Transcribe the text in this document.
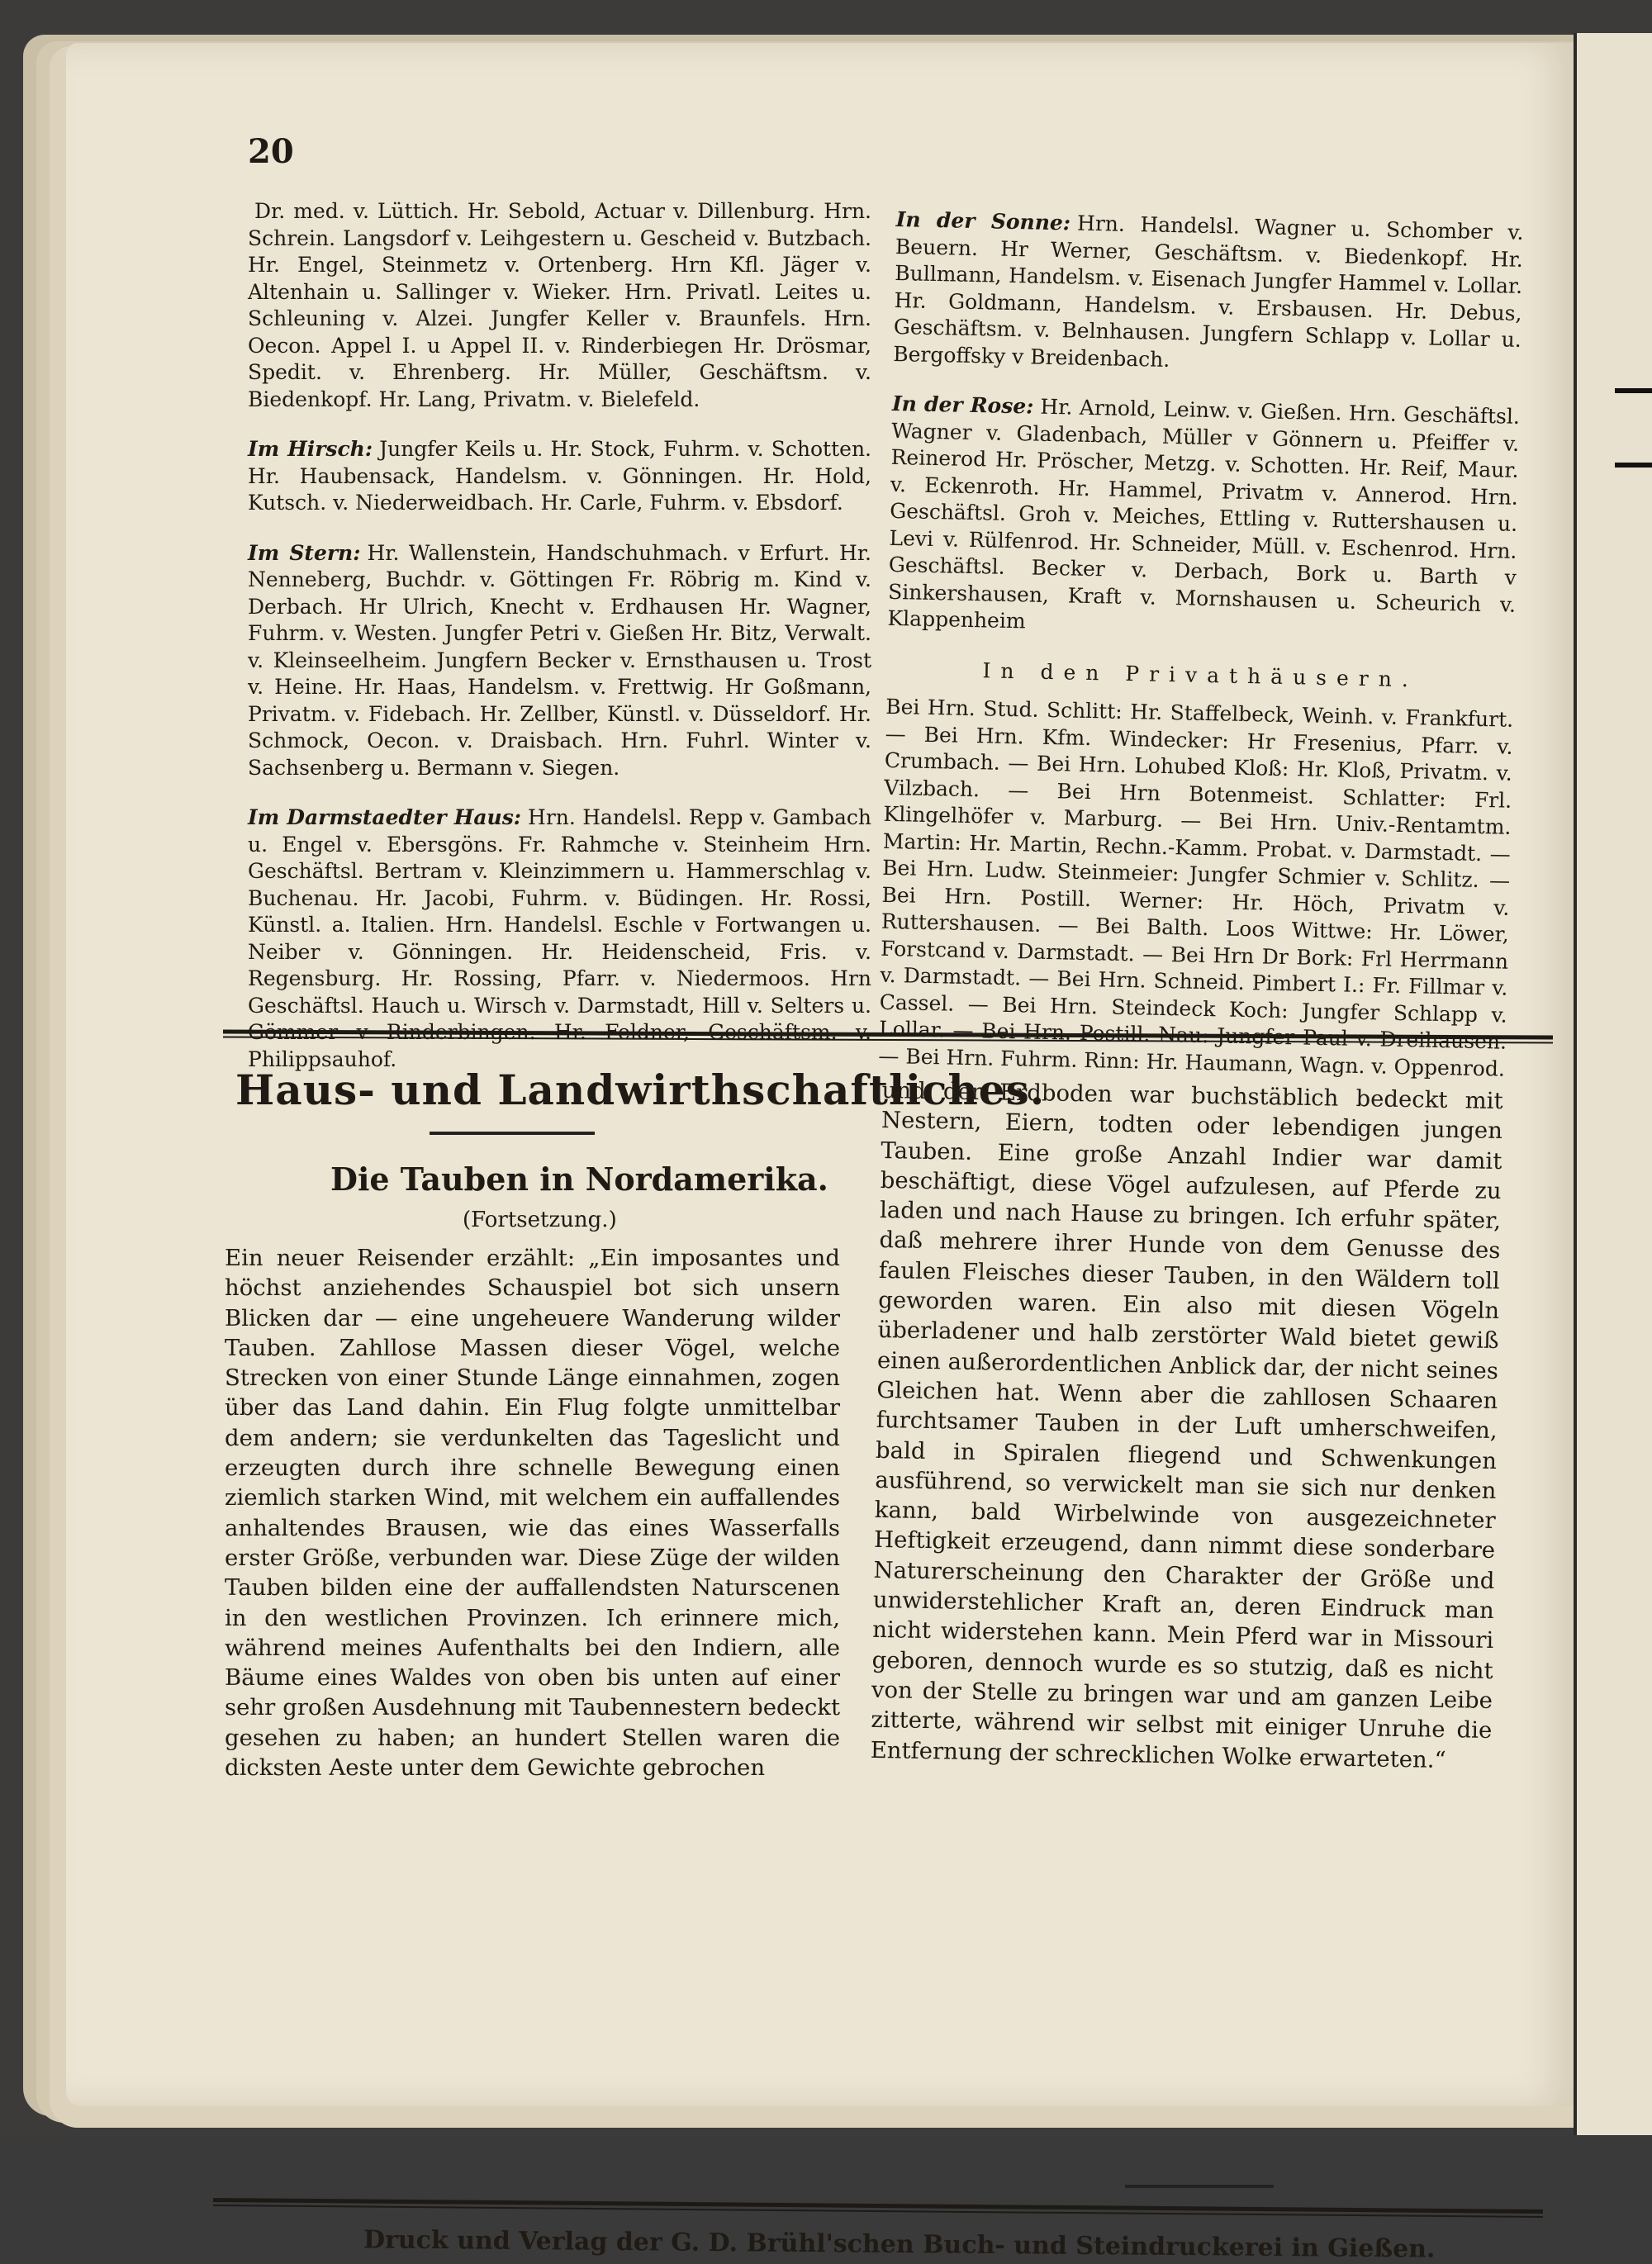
20
Dr. med. v. Lüttich. Hr. Sebold, Actuar v. Dillenburg. Hrn. Schrein. Langsdorf v. Leihgestern u. Gescheid v. Butzbach. Hr. Engel, Steinmetz v. Ortenberg. Hrn Kfl. Jäger v. Altenhain u. Sallinger v. Wieker. Hrn. Privatl. Leites u. Schleuning v. Alzei. Jungfer Keller v. Braunfels. Hrn. Oecon. Appel I. u Appel II. v. Rinderbiegen Hr. Drösmar, Spedit. v. Ehrenberg. Hr. Müller, Geschäftsm. v. Biedenkopf. Hr. Lang, Privatm. v. Bielefeld.
Im Hirsch: Jungfer Keils u. Hr. Stock, Fuhrm. v. Schotten. Hr. Haubensack, Handelsm. v. Gönningen. Hr. Hold, Kutsch. v. Niederweidbach. Hr. Carle, Fuhrm. v. Ebsdorf.
Im Stern: Hr. Wallenstein, Handschuhmach. v Erfurt. Hr. Nenneberg, Buchdr. v. Göttingen Fr. Röbrig m. Kind v. Derbach. Hr Ulrich, Knecht v. Erdhausen Hr. Wagner, Fuhrm. v. Westen. Jungfer Petri v. Gießen Hr. Bitz, Verwalt. v. Kleinseelheim. Jungfern Becker v. Ernsthausen u. Trost v. Heine. Hr. Haas, Handelsm. v. Frettwig. Hr Goßmann, Privatm. v. Fidebach. Hr. Zellber, Künstl. v. Düsseldorf. Hr. Schmock, Oecon. v. Draisbach. Hrn. Fuhrl. Winter v. Sachsenberg u. Bermann v. Siegen.
Im Darmstaedter Haus: Hrn. Handelsl. Repp v. Gambach u. Engel v. Ebersgöns. Fr. Rahmche v. Steinheim Hrn. Geschäftsl. Bertram v. Kleinzimmern u. Hammerschlag v. Buchenau. Hr. Jacobi, Fuhrm. v. Büdingen. Hr. Rossi, Künstl. a. Italien. Hrn. Handelsl. Eschle v Fortwangen u. Neiber v. Gönningen. Hr. Heidenscheid, Fris. v. Regensburg. Hr. Rossing, Pfarr. v. Niedermoos. Hrn Geschäftsl. Hauch u. Wirsch v. Darmstadt, Hill v. Selters u. Rinderbingen. Philippsauhof.
In der Sonne: Hrn. Handelsl. Wagner u. Schomber v. Beuern. Hr Werner, Geschäftsm. v. Biedenkopf. Hr. Bullmann, Handelsm. v. Eisenach Jungfer Hammel v. Lollar. Hr. Goldmann, Handelsm. v. Ersbausen. Hr. Debus, Geschäftsm. v. Belnhausen. Jungfern Schlapp v. Lollar u. Bergoffsky v Breidenbach.
In der Rose: Hr. Arnold, Leinw. v. Gießen. Hrn. Geschäftsl. Wagner v. Gladenbach, Müller v Gönnern u. Pfeiffer v. Reinerod Hr. Pröscher, Metzg. v. Schotten. Hr. Reif, Maur. v. Eckenroth. Hr. Hammel, Privatm v. Annerod. Hrn. Geschäftsl. Groh v. Meiches, Ettling v. Ruttershausen u. Levi v. Rülfenrod. Hr. Schneider, Müll. v. Eschenrod. Hrn. Geschäftsl. Becker v. Derbach, Bork u. Barth v Sinkershausen, Kraft v. Mornshausen u. Scheurich v. Klappenheim
In den Privathäusern.
Bei Hrn. Stud. Schlitt: Hr. Staffelbeck, Weinh. v. Frankfurt. — Bei Hrn. Kfm. Windecker: Hr Fresenius, Pfarr. v. Crumbach. — Bei Hrn. Lohubed Kloß: Hr. Kloß, Privatm. v. Vilzbach. — Bei Hrn Botenmeist. Schlatter: Frl. Klingelhöfer v. Marburg. — Bei Hrn. Univ.-Rentamtm. Martin: Hr. Martin, Rechn.-Kamm. Probat. v. Darmstadt. — Bei Hrn. Ludw. Steinmeier: Jungfer Schmier v. Schlitz. — Bei Hrn. Postill. Werner: Hr. Höch, Privatm v. Ruttershausen. — Bei Balth. Loos Wittwe: Hr. Löwer, Forstcand v. Darmstadt. — Bei Hrn Dr Bork: Frl Herrmann v. Darmstadt. — Bei Hrn. Schneid. Pimbert I.: Fr. Fillmar v. Cassel. — Bei Hrn. Steindeck Koch: Jungfer Schlapp v. Lollar. — Bei Hrn. v. Dreihausen. — Bei Hrn. Fuhrm. Rinn: Hr. Haumann, Wagn. v. Oppenrod.
Haus- und Landwirthschaftliches.
Die Tauben in Nordamerika.
(Fortsetzung.)

Ein neuer Reisender erzählt: „Ein imposantes und höchst anziehendes Schauspiel bot sich unsern Blicken dar — eine ungeheuere Wanderung wilder Tauben. Zahllose Massen dieser Vögel, welche Strecken von einer Stunde Länge einnahmen, zogen über das Land dahin. Ein Flug folgte unmittelbar dem andern; sie verdunkelten das Tageslicht und erzeugten durch ihre schnelle Bewegung einen ziemlich starken Wind, mit welchem ein auffallendes anhaltendes Brausen, wie das eines Wasserfalls erster Größe, verbunden war. Diese Züge der wilden Tauben bilden eine der auffallendsten Naturscenen in den westlichen Provinzen. Ich erinnere mich, während meines Aufenthalts bei den Indiern, alle Bäume eines Waldes von oben bis unten auf einer sehr großen Ausdehnung mit Taubennestern bedeckt gesehen zu haben; an hundert Stellen waren die dicksten Aeste unter dem Gewichte gebrochen

und der Erdboden war buchstäblich bedeckt mit Nestern, Eiern, todten oder lebendigen jungen Tauben. Eine große Anzahl Indier war damit beschäftigt, diese Vögel aufzulesen, auf Pferde zu laden und nach Hause zu bringen. Ich erfuhr später, daß mehrere ihrer Hunde von dem Genusse des faulen Fleisches dieser Tauben, in den Wäldern toll geworden waren. Ein also mit diesen Vögeln überladener und halb zerstörter Wald bietet gewiß einen außerordentlichen Anblick dar, der nicht seines Gleichen hat. Wenn aber die zahllosen Schaaren furchtsamer Tauben in der Luft umherschweifen, bald in Spiralen fliegend und Schwenkungen ausführend, so verwickelt man sie sich nur denken kann, bald Wirbelwinde von ausgezeichneter Heftigkeit erzeugend, dann nimmt diese sonderbare Naturerscheinung den Charakter der Größe und unwiderstehlicher Kraft an, deren Eindruck man nicht widerstehen kann. Mein Pferd war in Missouri geboren, dennoch wurde es so stutzig, daß es nicht von der Stelle zu bringen war und am ganzen Leibe zitterte, während wir selbst mit einiger Unruhe die Entfernung der schrecklichen Wolke erwarteten.“

Druck und Verlag der G. D. Brühl'schen Buch- und Steindruckerei in Gießen.
